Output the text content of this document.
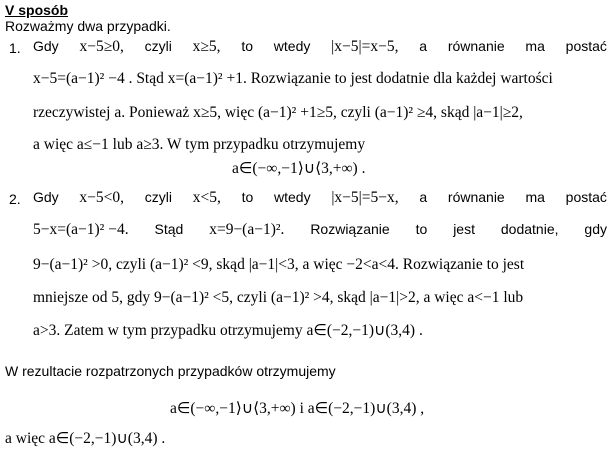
V sposób
Rozważmy dwa przypadki.
1. Gdy x−5≥0, czyli x≥5, to wtedy |x−5|=x−5, a równanie ma postać
x−5=(a−1)² −4 . Stąd x=(a−1)² +1. Rozwiązanie to jest dodatnie dla każdej wartości
rzeczywistej a. Ponieważ x≥5, więc (a−1)² +1≥5, czyli (a−1)² ≥4, skąd |a−1|≥2,
a więc a≤−1 lub a≥3. W tym przypadku otrzymujemy
a∈(−∞,−1⟩∪⟨3,+∞) .
2. Gdy x−5<0, czyli x<5, to wtedy |x−5|=5−x, a równanie ma postać
5−x=(a−1)² −4. Stąd x=9−(a−1)². Rozwiązanie to jest dodatnie, gdy
9−(a−1)² >0, czyli (a−1)² <9, skąd |a−1|<3, a więc −2<a<4. Rozwiązanie to jest
mniejsze od 5, gdy 9−(a−1)² <5, czyli (a−1)² >4, skąd |a−1|>2, a więc a<−1 lub
a>3. Zatem w tym przypadku otrzymujemy a∈(−2,−1)∪(3,4) .
W rezultacie rozpatrzonych przypadków otrzymujemy
a∈(−∞,−1⟩∪⟨3,+∞) i a∈(−2,−1)∪(3,4) ,
a więc a∈(−2,−1)∪(3,4) .
